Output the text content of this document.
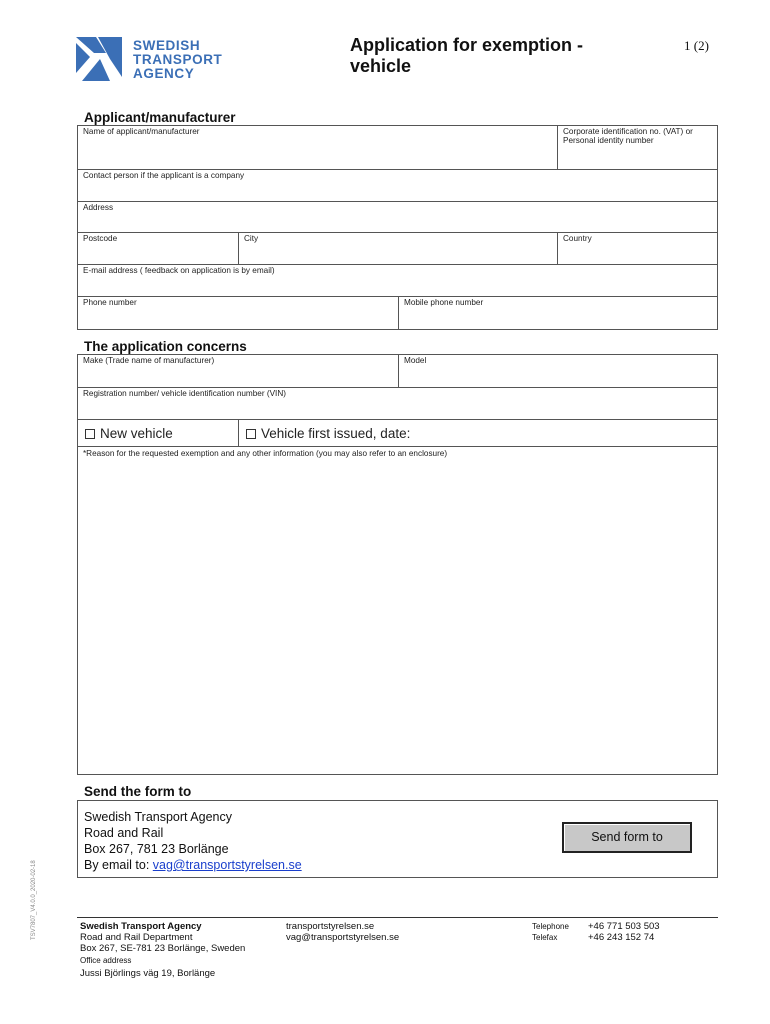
SWEDISH
TRANSPORT
AGENCY
Application for exemption -
vehicle
1 (2)
Applicant/manufacturer
Name of applicant/manufacturer	Corporate identification no. (VAT) or
Personal identity number
Contact person if the applicant is a company
Address
Postcode	City	Country
E-mail address ( feedback on application is by email)
Phone number	Mobile phone number
The application concerns
Make (Trade name of manufacturer)	Model
Registration number/ vehicle identification number (VIN)
New vehicle	Vehicle first issued, date:
*Reason for the requested exemption and any other information (you may also refer to an enclosure)
Send the form to
Swedish Transport Agency
Road and Rail
Box 267, 781 23 Borlänge
By email to: vag@transportstyrelsen.se
Send form to
TSV7807_V4.0.0_2020-02-18	Swedish Transport Agency
Road and Rail Department
Box 267, SE-781 23 Borlänge, Sweden
Office address
Jussi Björlings väg 19, Borlänge
transportstyrelsen.se
vag@transportstyrelsen.se
Telephone +46 771 503 503
Telefax	+46 243 152 74
